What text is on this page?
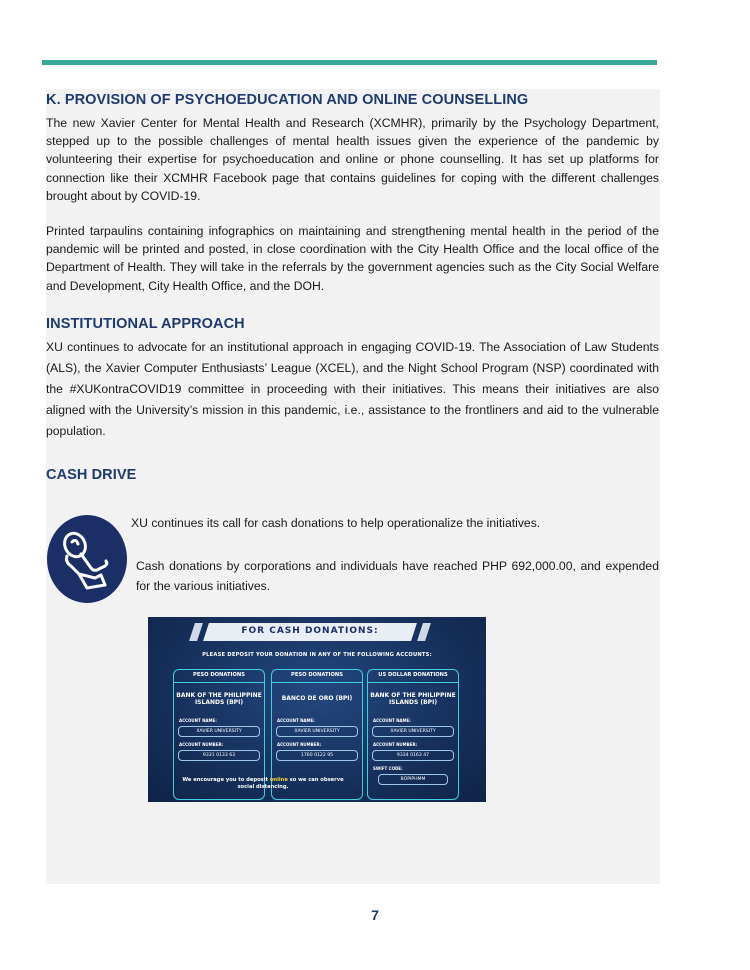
K. PROVISION OF PSYCHOEDUCATION AND ONLINE COUNSELLING
The new Xavier Center for Mental Health and Research (XCMHR), primarily by the Psychology Department, stepped up to the possible challenges of mental health issues given the experience of the pandemic by volunteering their expertise for psychoeducation and online or phone counselling. It has set up platforms for connection like their XCMHR Facebook page that contains guidelines for coping with the different challenges brought about by COVID-19.
Printed tarpaulins containing infographics on maintaining and strengthening mental health in the period of the pandemic will be printed and posted, in close coordination with the City Health Office and the local office of the Department of Health. They will take in the referrals by the government agencies such as the City Social Welfare and Development, City Health Office, and the DOH.
INSTITUTIONAL APPROACH
XU continues to advocate for an institutional approach in engaging COVID-19. The Association of Law Students (ALS), the Xavier Computer Enthusiasts’ League (XCEL), and the Night School Program (NSP) coordinated with the #XUKontraCOVID19 committee in proceeding with their initiatives. This means their initiatives are also aligned with the University’s mission in this pandemic, i.e., assistance to the frontliners and aid to the vulnerable population.
CASH DRIVE
XU continues its call for cash donations to help operationalize the initiatives.
Cash donations by corporations and individuals have reached PHP 692,000.00, and expended for the various initiatives.
FOR CASH DONATIONS:
PLEASE DEPOSIT YOUR DONATION IN ANY OF THE FOLLOWING ACCOUNTS:
PESO DONATIONS
BANK OF THE PHILIPPINE ISLANDS (BPI)
ACCOUNT NAME:
XAVIER UNIVERSITY
ACCOUNT NUMBER:
9331 0133 63
PESO DONATIONS
BANCO DE ORO (BPI)
ACCOUNT NAME:
XAVIER UNIVERSITY
ACCOUNT NUMBER:
1760 0122 95
US DOLLAR DONATIONS
BANK OF THE PHILIPPINE ISLANDS (BPI)
ACCOUNT NAME:
XAVIER UNIVERSITY
ACCOUNT NUMBER:
9334 0163 47
SWIFT CODE:
BOPIPHMM
We encourage you to deposit online so we can observe social distancing.
7
